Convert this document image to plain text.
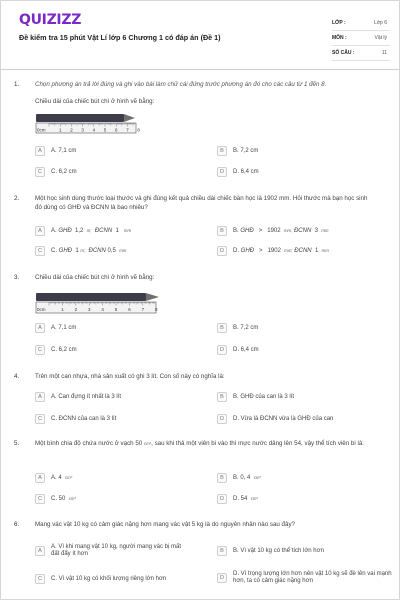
QUIZIZZ
Đề kiểm tra 15 phút Vật Lí lớp 6 Chương 1 có đáp án (Đề 1)
LỚP :	Lớp 6
MÔN :	Vật lý
SỐ CÂU :	11
1.	Chọn phương án trả lời đúng và ghi vào bài làm chữ cái đứng trước phương án đó cho các câu từ 1 đến 8.
Chiều dài của chiếc bút chì ở hình vẽ bằng:
1 2 3 4 5 6 7 8
0cm
A	A. 7,1 cm	B	B. 7,2 cm
C	C. 6,2 cm	D	D. 6,4 cm
2.	Một học sinh dùng thước loại thước và ghi đúng kết quả chiều dài chiếc bàn học là 1902 mm. Hỏi thước mà bạn học sinh đó dùng có GHĐ và ĐCNN là bao nhiêu?
A	A. GHĐ 1,2 m; ĐCNN 1 mm	B	B. GHĐ > 1902 mm; ĐCNN 3 mm
C	C. GHĐ 1 m; ĐCNN 0,5 mm	D	D. GHĐ > 1902 mm; ĐCNN 1 mm
3.	Chiều dài của chiếc bút chì ở hình vẽ bằng:
1 2 3 4 5 6 7 8
0cm
A	A. 7,1 cm	B	B. 7,2 cm
C	C. 6,2 cm	D	D. 6,4 cm
4.	Trên một can nhựa, nhà sản xuất có ghi 3 lít. Con số này có nghĩa là:
A	A. Can đựng ít nhất là 3 lít	B	B. GHĐ của can là 3 lít
C	C. ĐCNN của can là 3 lít	D	D. Vừa là ĐCNN vừa là GHĐ của can
5.	Một bình chia độ chứa nước ở vạch 50 cm³, sau khi thả một viên bi vào thì mực nước dâng lên 54, vậy thể tích viên bi là:
A	A. 4 cm³	B	B. 0, 4 cm³
C	C. 50 cm³	D	D. 54 cm³
6.	Mang vác vật 10 kg có cảm giác nặng hơn mang vác vật 5 kg là do nguyên nhân nào sau đây?
A
A. Vì khi mang vật 10 kg, người mang vác bị mất đất đẩy ít hơn	B	B. Vì vật 10 kg có thể tích lớn hơn
C	C. Vì vật 10 kg có khối lượng riêng lớn hơn	D
D. Vì trọng lượng lớn hơn nên vật 10 kg sẽ đè lên vai mạnh hơn, ta có cảm giác nặng hơn
